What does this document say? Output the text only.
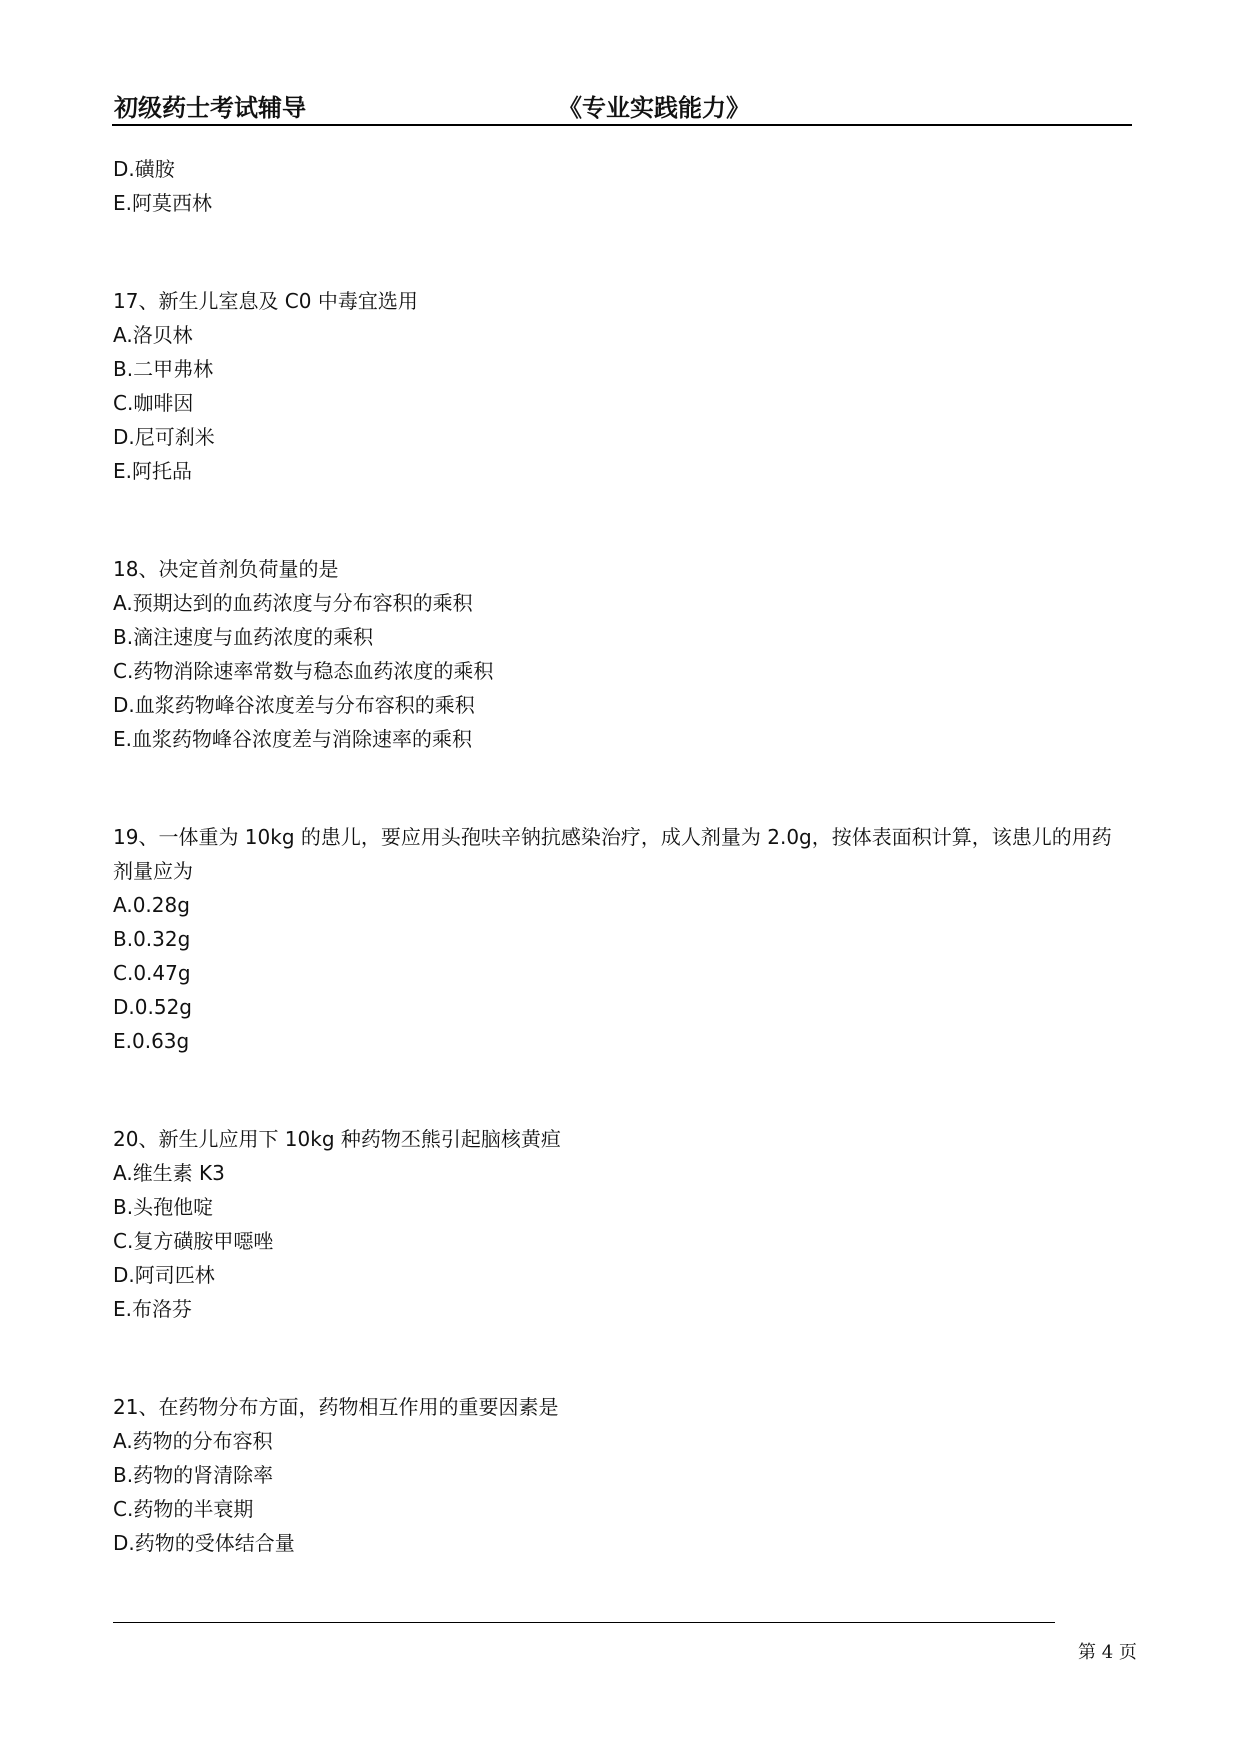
初级药士考试辅导	《专业实践能力》
D.磺胺
E.阿莫西林
17、新生儿室息及 C0 中毒宜选用
A.洛贝林
B.二甲弗林
C.咖啡因
D.尼可刹米
E.阿托品
18、决定首剂负荷量的是
A.预期达到的血药浓度与分布容积的乘积
B.滴注速度与血药浓度的乘积
C.药物消除速率常数与稳态血药浓度的乘积
D.血浆药物峰谷浓度差与分布容积的乘积
E.血浆药物峰谷浓度差与消除速率的乘积
19、一体重为 10kg 的患儿，要应用头孢呋辛钠抗感染治疗，成人剂量为 2.0g，按体表面积计算，该患儿的用药剂量应为
A.0.28g
B.0.32g
C.0.47g
D.0.52g
E.0.63g
20、新生儿应用下 10kg 种药物丕熊引起脑核黄疸
A.维生素 K3
B.头孢他啶
C.复方磺胺甲噁唑
D.阿司匹林
E.布洛芬
21、在药物分布方面，药物相互作用的重要因素是
A.药物的分布容积
B.药物的肾清除率
C.药物的半衰期
D.药物的受体结合量
第 4 页
